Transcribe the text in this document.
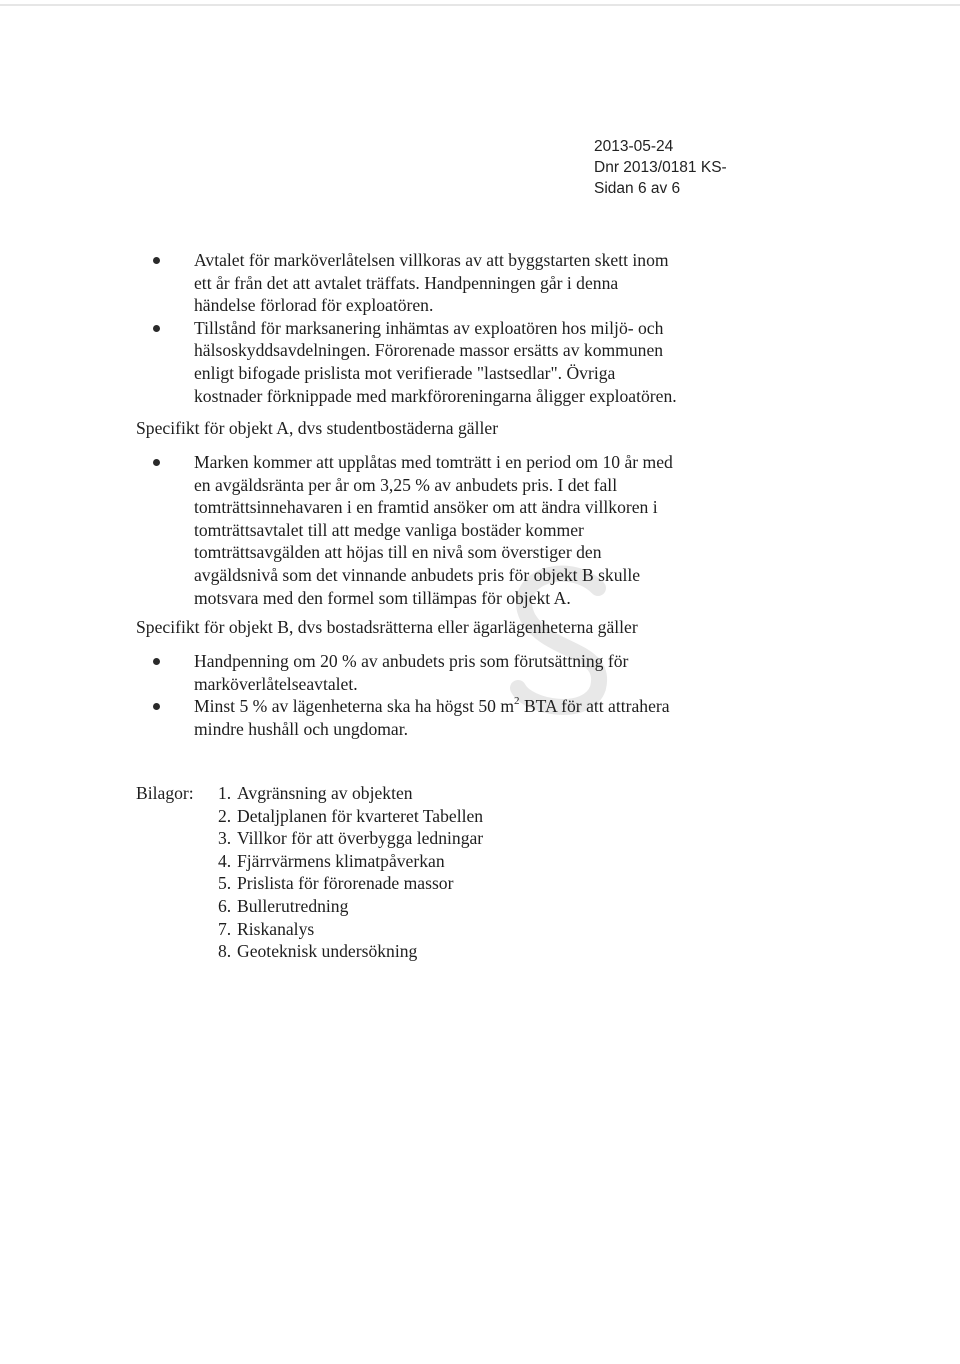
2013-05-24
Dnr 2013/0181 KS-
Sidan 6 av 6
Avtalet för marköverlåtelsen villkoras av att byggstarten skett inom
ett år från det att avtalet träffats. Handpenningen går i denna
händelse förlorad för exploatören.
Tillstånd för marksanering inhämtas av exploatören hos miljö- och
hälsoskyddsavdelningen. Förorenade massor ersätts av kommunen
enligt bifogade prislista mot verifierade "lastsedlar". Övriga
kostnader förknippade med markföroreningarna åligger exploatören.
Specifikt för objekt A, dvs studentbostäderna gäller
Marken kommer att upplåtas med tomträtt i en period om 10 år med
en avgäldsränta per år om 3,25 % av anbudets pris. I det fall
tomträttsinnehavaren i en framtid ansöker om att ändra villkoren i
tomträttsavtalet till att medge vanliga bostäder kommer
tomträttsavgälden att höjas till en nivå som överstiger den
avgäldsnivå som det vinnande anbudets pris för objekt B skulle
motsvara med den formel som tillämpas för objekt A.
Specifikt för objekt B, dvs bostadsrätterna eller ägarlägenheterna gäller
Handpenning om 20 % av anbudets pris som förutsättning för
marköverlåtelseavtalet.
Minst 5 % av lägenheterna ska ha högst 50 $m^2$ BTA för att attrahera
mindre hushåll och ungdomar.
Bilagor: 1. Avgränsning av objekten
2. Detaljplanen för kvarteret Tabellen
3. Villkor för att överbygga ledningar
4. Fjärrvärmens klimatpåverkan
5. Prislista för förorenade massor
6. Bullerutredning
7. Riskanalys
8. Geoteknisk undersökning
